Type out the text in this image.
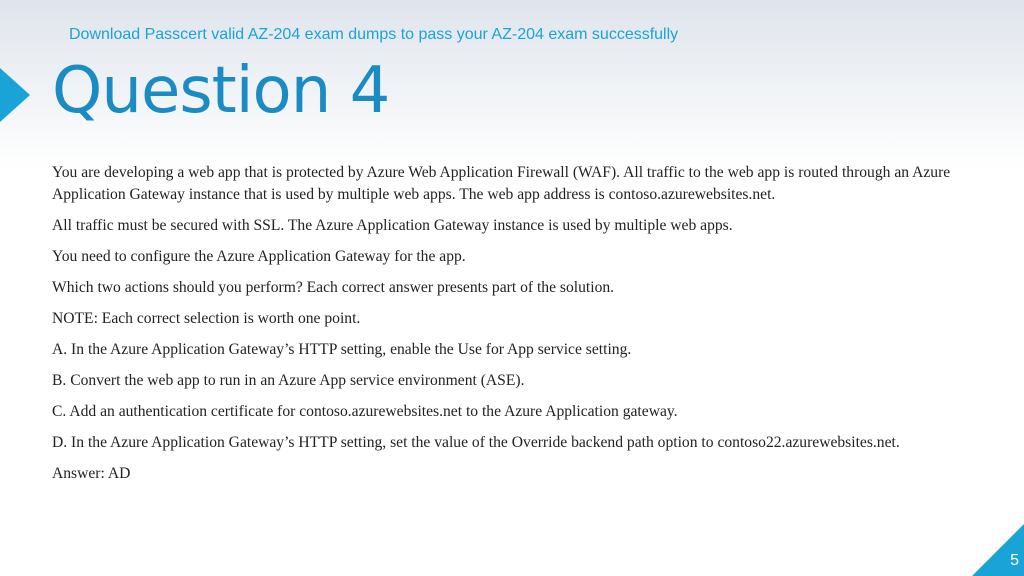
Download Passcert valid AZ-204 exam dumps to pass your AZ-204 exam successfully
Question 4

You are developing a web app that is protected by Azure Web Application Firewall (WAF). All traffic to the web app is routed through an Azure Application Gateway instance that is used by multiple web apps. The web app address is contoso.azurewebsites.net.

All traffic must be secured with SSL. The Azure Application Gateway instance is used by multiple web apps.

You need to configure the Azure Application Gateway for the app.

Which two actions should you perform? Each correct answer presents part of the solution.

NOTE: Each correct selection is worth one point.

A. In the Azure Application Gateway’s HTTP setting, enable the Use for App service setting.

B. Convert the web app to run in an Azure App service environment (ASE).

C. Add an authentication certificate for contoso.azurewebsites.net to the Azure Application gateway.

D. In the Azure Application Gateway’s HTTP setting, set the value of the Override backend path option to contoso22.azurewebsites.net.

Answer: AD

5
